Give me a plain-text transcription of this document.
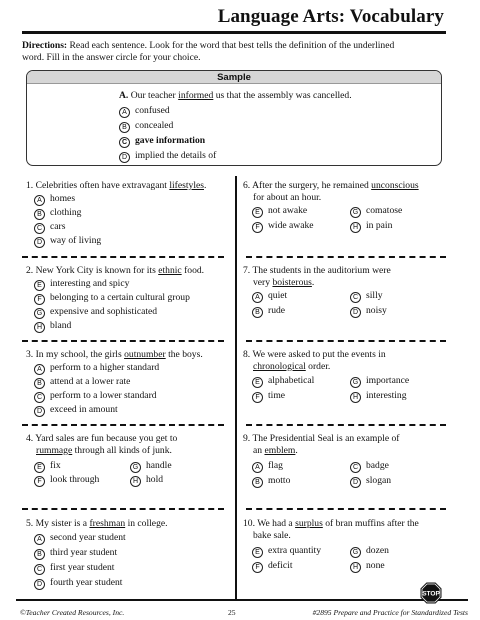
Language Arts: Vocabulary
Directions: Read each sentence. Look for the word that best tells the definition of the underlined
word. Fill in the answer circle for your choice.
Sample
A. Our teacher informed us that the assembly was cancelled.
A confused
B concealed
C gave information
D implied the details of
1. Celebrities often have extravagant lifestyles.
A homes
B clothing
C cars
D way of living
2. New York City is known for its ethnic food.
E interesting and spicy
F belonging to a certain cultural group
G expensive and sophisticated
H bland
3. In my school, the girls outnumber the boys.
A perform to a higher standard
B attend at a lower rate
C perform to a lower standard
D exceed in amount
4. Yard sales are fun because you get to
rummage through all kinds of junk.
E fix	G handle
F look through	H hold
5. My sister is a freshman in college.
A second year student
B third year student
C first year student
D fourth year student
6. After the surgery, he remained unconscious
for about an hour.
E not awake	G comatose
F wide awake	H in pain
7. The students in the auditorium were
very boisterous.
A quiet	C silly
B rude	D noisy
8. We were asked to put the events in
chronological order.
E alphabetical	G importance
F time	H interesting
9. The Presidential Seal is an example of
an emblem.
A flag	C badge
B motto	D slogan
10. We had a surplus of bran muffins after the
bake sale.
E extra quantity	G dozen
F deficit	H none
STOP
©Teacher Created Resources, Inc.	25	#2895 Prepare and Practice for Standardized Tests
